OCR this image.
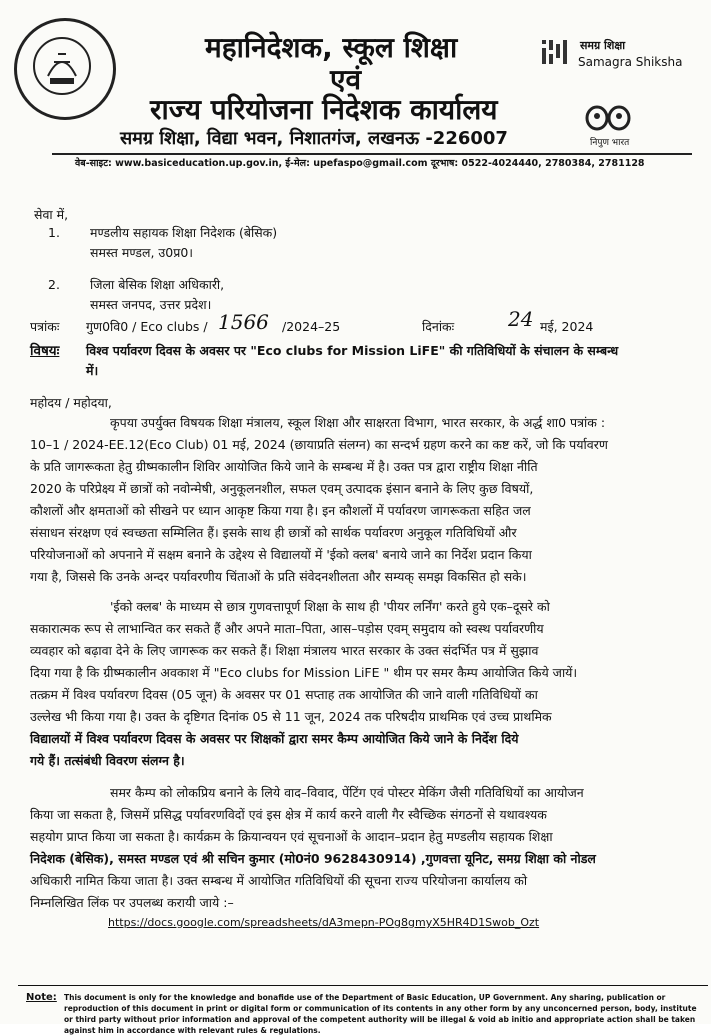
महानिदेशक, स्कूल शिक्षा
एवं
राज्य परियोजना निदेशक कार्यालय
समग्र शिक्षा, विद्या भवन, निशातगंज, लखनऊ -226007
समग्र शिक्षा
Samagra Shiksha
निपुण भारत
वेब-साइट: www.basiceducation.up.gov.in, ई-मेल: upefaspo@gmail.com दूरभाष: 0522-4024440, 2780384, 2781128
सेवा में,
1. मण्डलीय सहायक शिक्षा निदेशक (बेसिक)
समस्त मण्डल, उ0प्र0।
2. जिला बेसिक शिक्षा अधिकारी,
समस्त जनपद, उत्तर प्रदेश।
पत्रांकः गुण0वि0 / Eco clubs / 1566 /2024–25	दिनांकः	24 मई, 2024
विषयः विश्व पर्यावरण दिवस के अवसर पर "Eco clubs for Mission LiFE" की गतिविधियों के संचालन के सम्बन्ध
में।
महोदय / महोदया,
कृपया उपर्युक्त विषयक शिक्षा मंत्रालय, स्कूल शिक्षा और साक्षरता विभाग, भारत सरकार, के अर्द्ध शा0 पत्रांक :
10–1 / 2024-EE.12(Eco Club) 01 मई, 2024 (छायाप्रति संलग्न) का सन्दर्भ ग्रहण करने का कष्ट करें, जो कि पर्यावरण
के प्रति जागरूकता हेतु ग्रीष्मकालीन शिविर आयोजित किये जाने के सम्बन्ध में है। उक्त पत्र द्वारा राष्ट्रीय शिक्षा नीति
2020 के परिप्रेक्ष्य में छात्रों को नवोन्मेषी, अनुकूलनशील, सफल एवम् उत्पादक इंसान बनाने के लिए कुछ विषयों,
कौशलों और क्षमताओं को सीखने पर ध्यान आकृष्ट किया गया है। इन कौशलों में पर्यावरण जागरूकता सहित जल
संसाधन संरक्षण एवं स्वच्छता सम्मिलित हैं। इसके साथ ही छात्रों को सार्थक पर्यावरण अनुकूल गतिविधियों और
परियोजनाओं को अपनाने में सक्षम बनाने के उद्देश्य से विद्यालयों में 'ईको क्लब' बनाये जाने का निर्देश प्रदान किया
गया है, जिससे कि उनके अन्दर पर्यावरणीय चिंताओं के प्रति संवेदनशीलता और सम्यक् समझ विकसित हो सके।
'ईको क्लब' के माध्यम से छात्र गुणवत्तापूर्ण शिक्षा के साथ ही 'पीयर लर्निंग' करते हुये एक–दूसरे को
सकारात्मक रूप से लाभान्वित कर सकते हैं और अपने माता–पिता, आस–पड़ोस एवम् समुदाय को स्वस्थ पर्यावरणीय
व्यवहार को बढ़ावा देने के लिए जागरूक कर सकते हैं। शिक्षा मंत्रालय भारत सरकार के उक्त संदर्भित पत्र में सुझाव
दिया गया है कि ग्रीष्मकालीन अवकाश में "Eco clubs for Mission LiFE " थीम पर समर कैम्प आयोजित किये जायें।
तत्क्रम में विश्व पर्यावरण दिवस (05 जून) के अवसर पर 01 सप्ताह तक आयोजित की जाने वाली गतिविधियों का
उल्लेख भी किया गया है। उक्त के दृष्टिगत दिनांक 05 से 11 जून, 2024 तक परिषदीय प्राथमिक एवं उच्च प्राथमिक
विद्यालयों में विश्व पर्यावरण दिवस के अवसर पर शिक्षकों द्वारा समर कैम्प आयोजित किये जाने के निर्देश दिये
गये हैं। तत्संबंधी विवरण संलग्न है।
समर कैम्प को लोकप्रिय बनाने के लिये वाद–विवाद, पेंटिंग एवं पोस्टर मेकिंग जैसी गतिविधियों का आयोजन
किया जा सकता है, जिसमें प्रसिद्ध पर्यावरणविदों एवं इस क्षेत्र में कार्य करने वाली गैर स्वैच्छिक संगठनों से यथावश्यक
सहयोग प्राप्त किया जा सकता है। कार्यक्रम के क्रियान्वयन एवं सूचनाओं के आदान–प्रदान हेतु मण्डलीय सहायक शिक्षा
निदेशक (बेसिक), समस्त मण्डल एवं श्री सचिन कुमार (मो0नं0 9628430914) ,गुणवत्ता यूनिट, समग्र शिक्षा को नोडल
अधिकारी नामित किया जाता है। उक्त सम्बन्ध में आयोजित गतिविधियों की सूचना राज्य परियोजना कार्यालय को
निम्नलिखित लिंक पर उपलब्ध करायी जाये :–
https://docs.google.com/spreadsheets/dA3mepn-POg8gmyX5HR4D1Swob_Ozt
Note: This document is only for the knowledge and bonafide use of the Department of Basic Education, UP Government. Any sharing, publication or reproduction of this document in print or digital form or communication of its contents in any other form by any unconcerned person, body, institute or third party without prior information and approval of the competent authority will be illegal & void ab initio and appropriate action shall be taken against him in accordance with relevant rules & regulations.
